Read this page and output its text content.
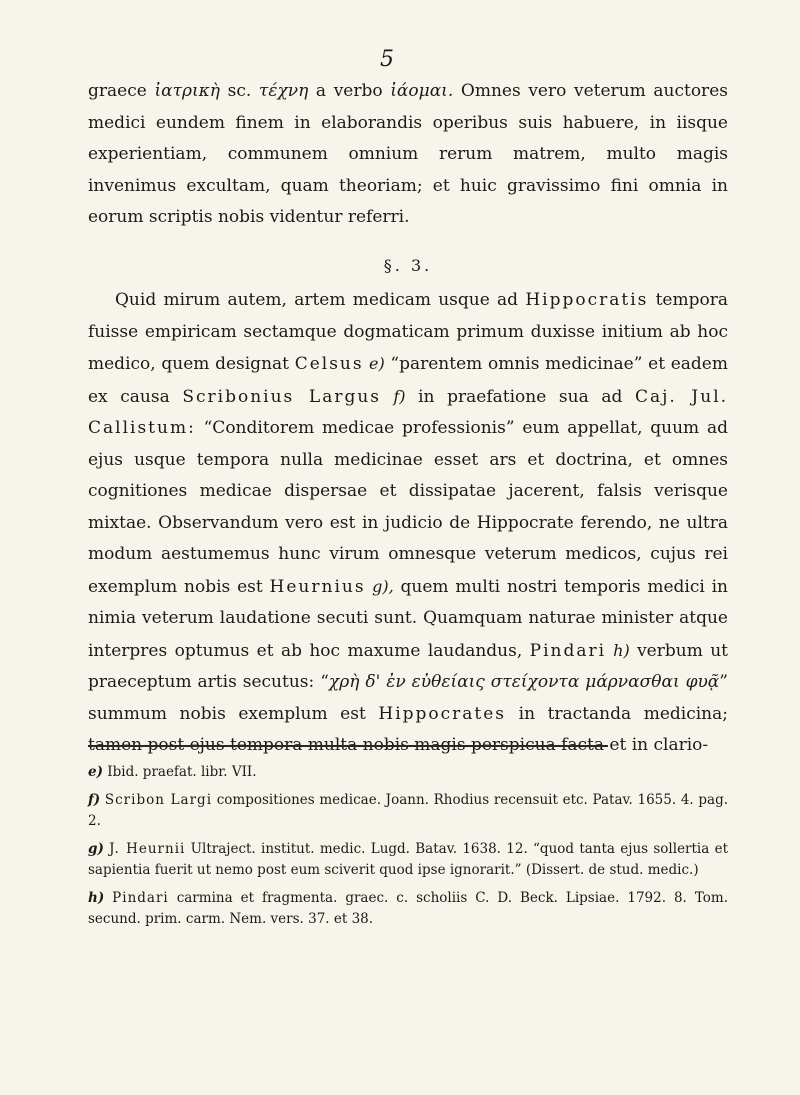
5

graece ἰατρικὴ sc. τέχνη a verbo ἰάομαι. Omnes vero veterum auctores medici eundem finem in elaborandis operibus suis habuere, in iisque experientiam, communem omnium rerum matrem, multo magis invenimus excultam, quam theoriam; et huic gravissimo fini omnia in eorum scriptis nobis videntur referri.

§. 3.

Quid mirum autem, artem medicam usque ad Hippocratis tempora fuisse empiricam sectamque dogmaticam primum duxisse initium ab hoc medico, quem designat Celsus e) “parentem omnis medicinae” et eadem ex causa Scribonius Largus f) in praefatione sua ad Caj. Jul. Callistum: “Conditorem medicae professionis” eum appellat, quum ad ejus usque tempora nulla medicinae esset ars et doctrina, et omnes cognitiones medicae dispersae et dissipatae jacerent, falsis verisque mixtae. Observandum vero est in judicio de Hippocrate ferendo, ne ultra modum aestumemus hunc virum omnesque veterum medicos, cujus rei exemplum nobis est Heurnius g), quem multi nostri temporis medici in nimia veterum laudatione secuti sunt. Quamquam naturae minister atque interpres optumus et ab hoc maxume laudandus, Pindari h) verbum ut praeceptum artis secutus: “χρὴ δ' ἐν εὐθείαις στείχοντα μάρνασθαι φυᾷ” summum nobis exemplum est Hippocrates in tractanda medicina; tamen post ejus tempora multa nobis magis perspicua facta et in clario-

e) Ibid. praefat. libr. VII.

f) Scribon Largi compositiones medicae. Joann. Rhodius recensuit etc. Patav. 1655. 4. pag. 2.

g) J. Heurnii Ultraject. institut. medic. Lugd. Batav. 1638. 12. “quod tanta ejus sollertia et sapientia fuerit ut nemo post eum sciverit quod ipse ignorarit.” (Dissert. de stud. medic.)

h) Pindari carmina et fragmenta. graec. c. scholiis C. D. Beck. Lipsiae. 1792. 8. Tom. secund. prim. carm. Nem. vers. 37. et 38.
